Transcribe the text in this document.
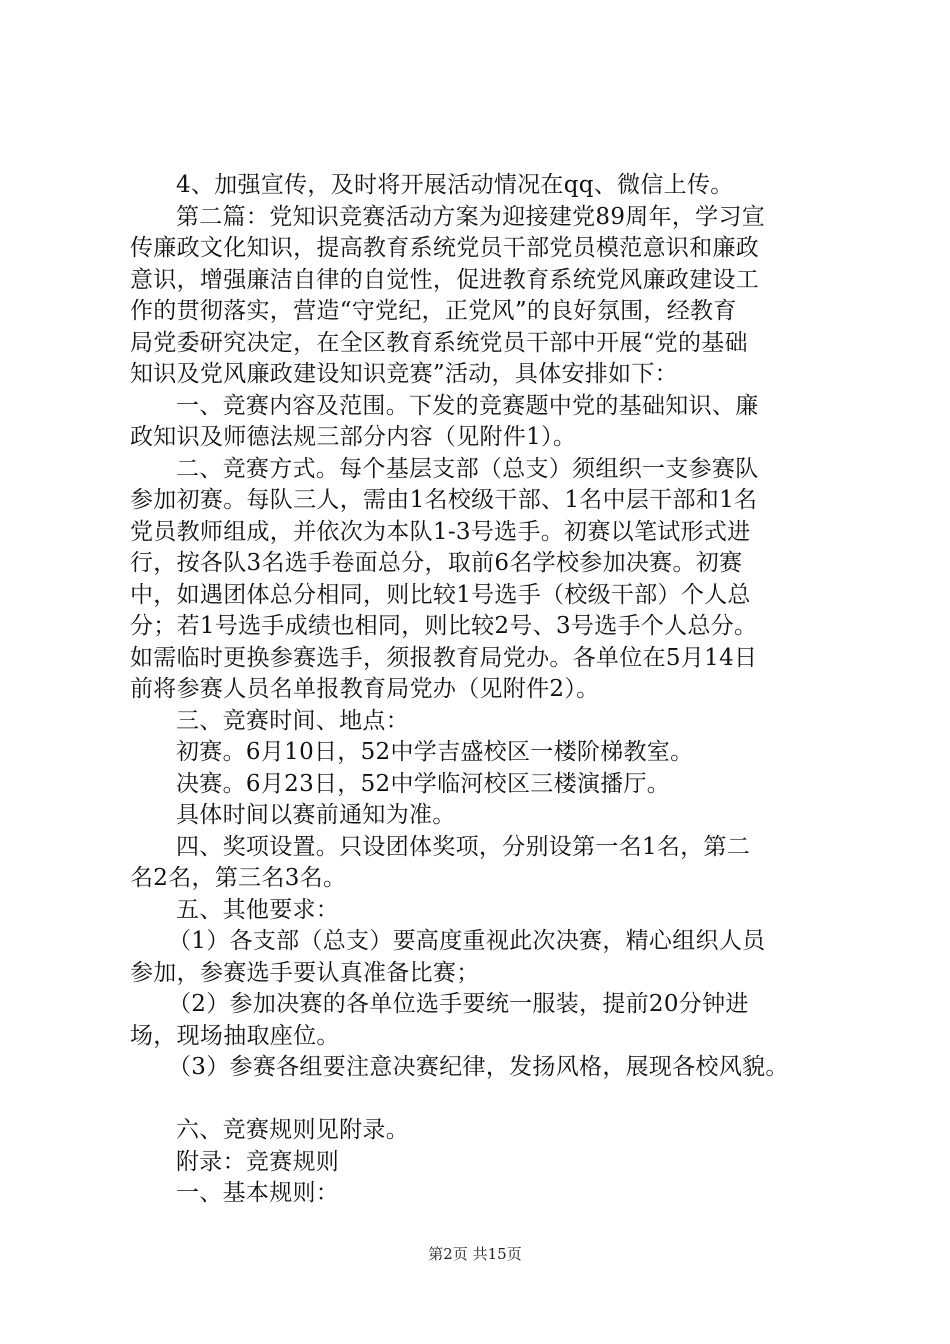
4、加强宣传，及时将开展活动情况在qq、微信上传。
第二篇：党知识竞赛活动方案为迎接建党89周年，学习宣
传廉政文化知识，提高教育系统党员干部党员模范意识和廉政
意识，增强廉洁自律的自觉性，促进教育系统党风廉政建设工
作的贯彻落实，营造“守党纪，正党风”的良好氛围，经教育
局党委研究决定，在全区教育系统党员干部中开展“党的基础
知识及党风廉政建设知识竞赛”活动，具体安排如下：
一、竞赛内容及范围。下发的竞赛题中党的基础知识、廉
政知识及师德法规三部分内容（见附件1）。
二、竞赛方式。每个基层支部（总支）须组织一支参赛队
参加初赛。每队三人，需由1名校级干部、1名中层干部和1名
党员教师组成，并依次为本队1-3号选手。初赛以笔试形式进
行，按各队3名选手卷面总分，取前6名学校参加决赛。初赛
中，如遇团体总分相同，则比较1号选手（校级干部）个人总
分；若1号选手成绩也相同，则比较2号、3号选手个人总分。
如需临时更换参赛选手，须报教育局党办。各单位在5月14日
前将参赛人员名单报教育局党办（见附件2）。
三、竞赛时间、地点：
初赛。6月10日，52中学吉盛校区一楼阶梯教室。
决赛。6月23日，52中学临河校区三楼演播厅。
具体时间以赛前通知为准。
四、奖项设置。只设团体奖项，分别设第一名1名，第二
名2名，第三名3名。
五、其他要求：
（1）各支部（总支）要高度重视此次决赛，精心组织人员
参加，参赛选手要认真准备比赛；
（2）参加决赛的各单位选手要统一服装，提前20分钟进
场，现场抽取座位。
（3）参赛各组要注意决赛纪律，发扬风格，展现各校风貌。
六、竞赛规则见附录。
附录：竞赛规则
一、基本规则：
第2页 共15页
